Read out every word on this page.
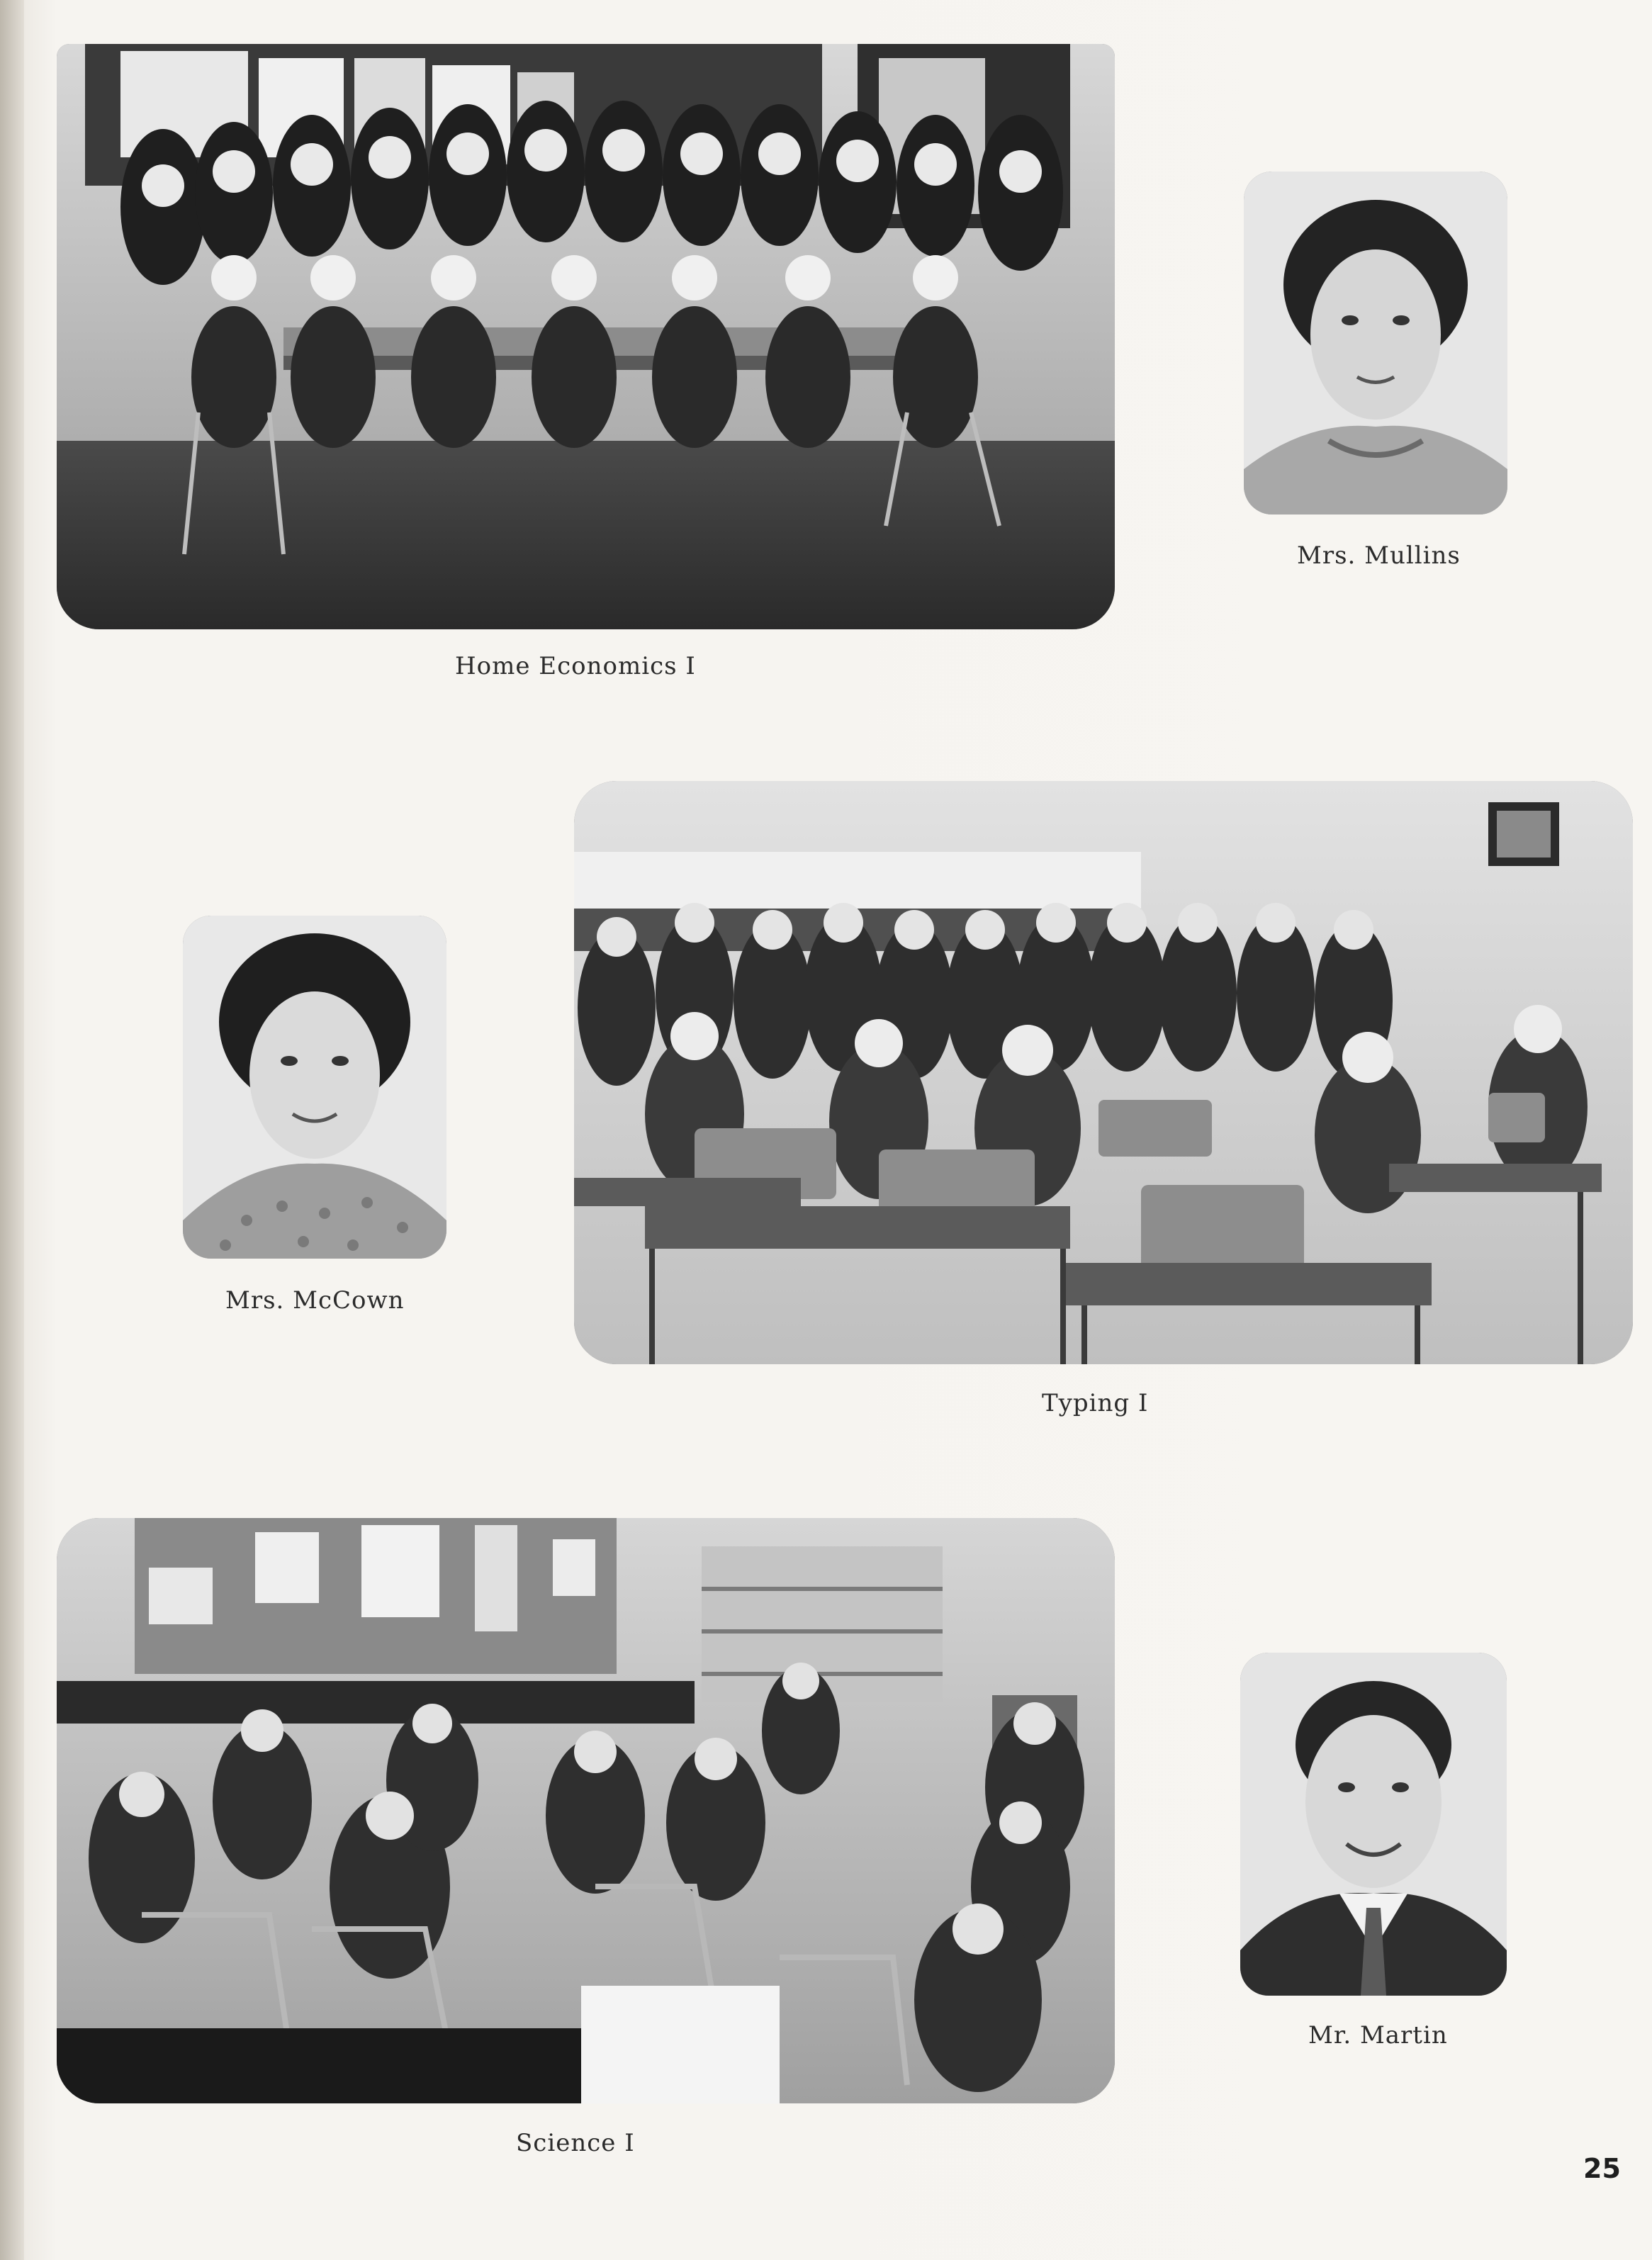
Home Economics I
Mrs. Mullins
Typing I
Mrs. McCown
Science I
Mr. Martin
25
